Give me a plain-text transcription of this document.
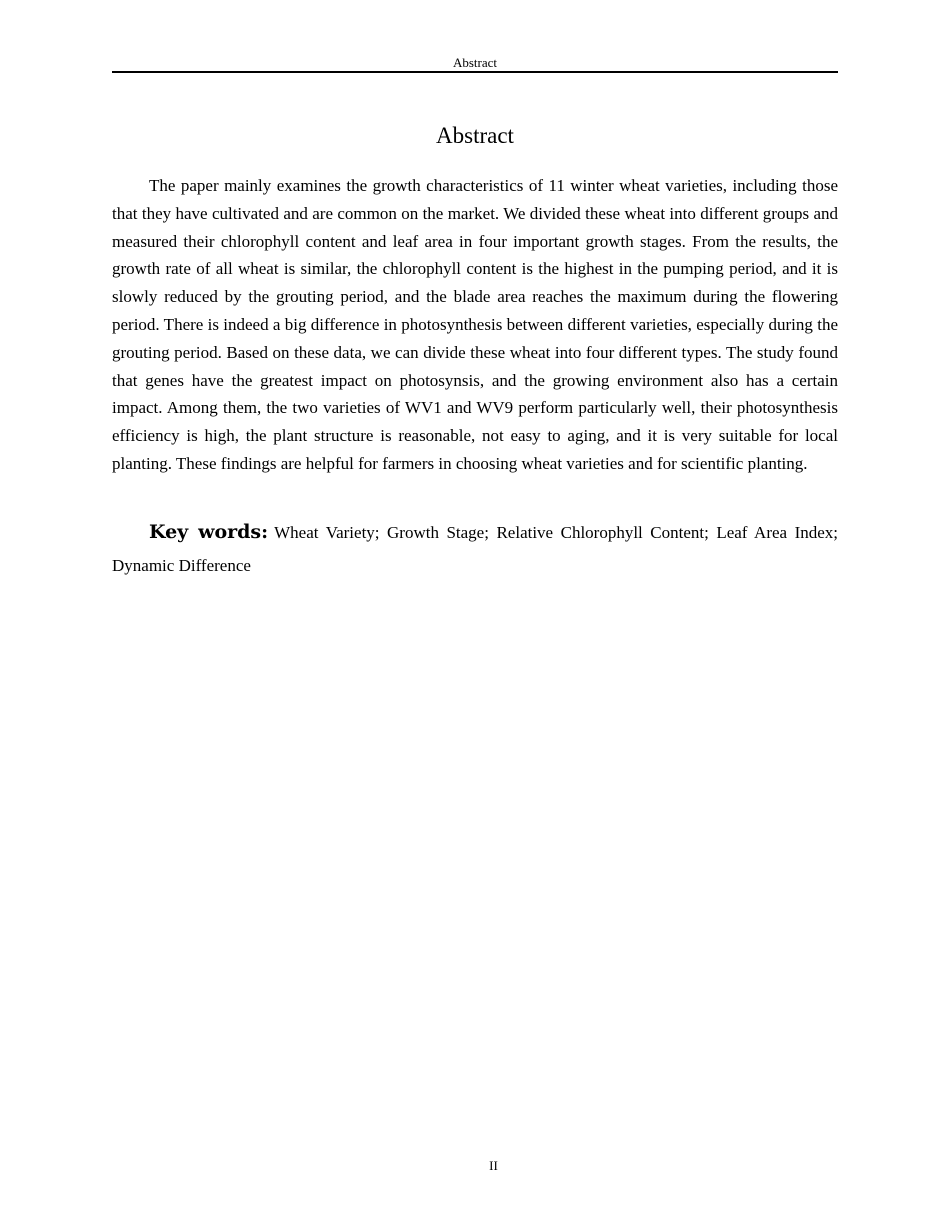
Abstract
Abstract

The paper mainly examines the growth characteristics of 11 winter wheat varieties, including those that they have cultivated and are common on the market. We divided these wheat into different groups and measured their chlorophyll content and leaf area in four important growth stages. From the results, the growth rate of all wheat is similar, the chlorophyll content is the highest in the pumping period, and it is slowly reduced by the grouting period, and the blade area reaches the maximum during the flowering period. There is indeed a big difference in photosynthesis between different varieties, especially during the grouting period. Based on these data, we can divide these wheat into four different types. The study found that genes have the greatest impact on photosynsis, and the growing environment also has a certain impact. Among them, the two varieties of WV1 and WV9 perform particularly well, their photosynthesis efficiency is high, the plant structure is reasonable, not easy to aging, and it is very suitable for local planting. These findings are helpful for farmers in choosing wheat varieties and for scientific planting.

Key words: Wheat Variety; Growth Stage; Relative Chlorophyll Content; Leaf Area Index; Dynamic Difference

II
